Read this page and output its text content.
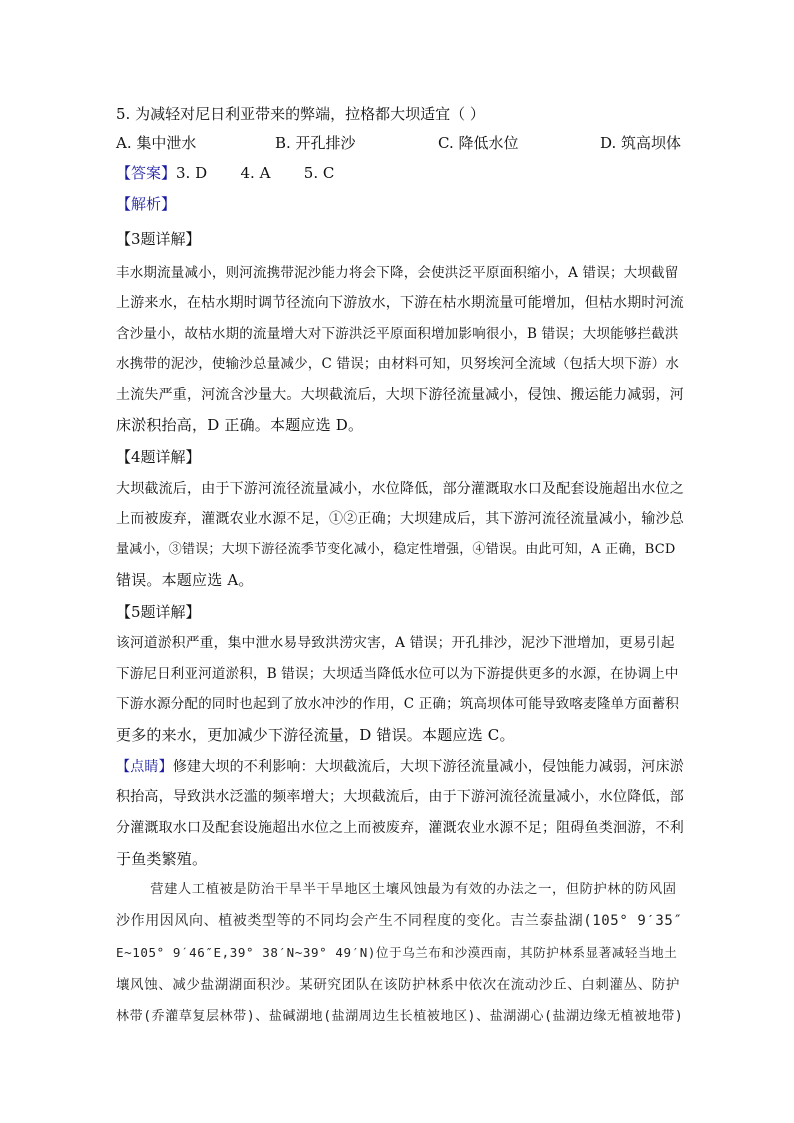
5. 为减轻对尼日利亚带来的弊端，拉格都大坝适宜（ ）
A. 集中泄水	B. 开孔排沙	C. 降低水位	D. 筑高坝体
【答案】3. D       4. A       5. C
【解析】
【3题详解】
丰水期流量减小，则河流携带泥沙能力将会下降，会使洪泛平原面积缩小，A 错误；大坝截留
上游来水，在枯水期时调节径流向下游放水，下游在枯水期流量可能增加，但枯水期时河流
含沙量小，故枯水期的流量增大对下游洪泛平原面积增加影响很小，B 错误；大坝能够拦截洪
水携带的泥沙，使输沙总量减少，C 错误；由材料可知，贝努埃河全流域（包括大坝下游）水
土流失严重，河流含沙量大。大坝截流后，大坝下游径流量减小，侵蚀、搬运能力减弱，河
床淤积抬高，D 正确。本题应选 D。
【4题详解】
大坝截流后，由于下游河流径流量减小，水位降低，部分灌溉取水口及配套设施超出水位之
上而被废弃，灌溉农业水源不足，①②正确；大坝建成后，其下游河流径流量减小，输沙总
量减小，③错误；大坝下游径流季节变化减小，稳定性增强，④错误。由此可知，A 正确，BCD
错误。本题应选 A。
【5题详解】
该河道淤积严重，集中泄水易导致洪涝灾害，A 错误；开孔排沙，泥沙下泄增加，更易引起
下游尼日利亚河道淤积，B 错误；大坝适当降低水位可以为下游提供更多的水源，在协调上中
下游水源分配的同时也起到了放水冲沙的作用，C 正确；筑高坝体可能导致喀麦隆单方面蓄积
更多的来水，更加减少下游径流量，D 错误。本题应选 C。
【点睛】修建大坝的不利影响：大坝截流后，大坝下游径流量减小，侵蚀能力减弱，河床淤
积抬高，导致洪水泛滥的频率增大；大坝截流后，由于下游河流径流量减小，水位降低，部
分灌溉取水口及配套设施超出水位之上而被废弃，灌溉农业水源不足；阻碍鱼类洄游，不利
于鱼类繁殖。
营建人工植被是防治干旱半干旱地区土壤风蚀最为有效的办法之一，但防护林的防风固
沙作用因风向、植被类型等的不同均会产生不同程度的变化。吉兰泰盐湖(105° 9ˊ35″
E~105° 9ˊ46″E,39° 38′N~39° 49′N)位于乌兰布和沙漠西南，其防护林系显著减轻当地土
壤风蚀、减少盐湖湖面积沙。某研究团队在该防护林系中依次在流动沙丘、白刺灌丛、防护
林带(乔灌草复层林带)、盐碱湖地(盐湖周边生长植被地区)、盐湖湖心(盐湖边缘无植被地带)
